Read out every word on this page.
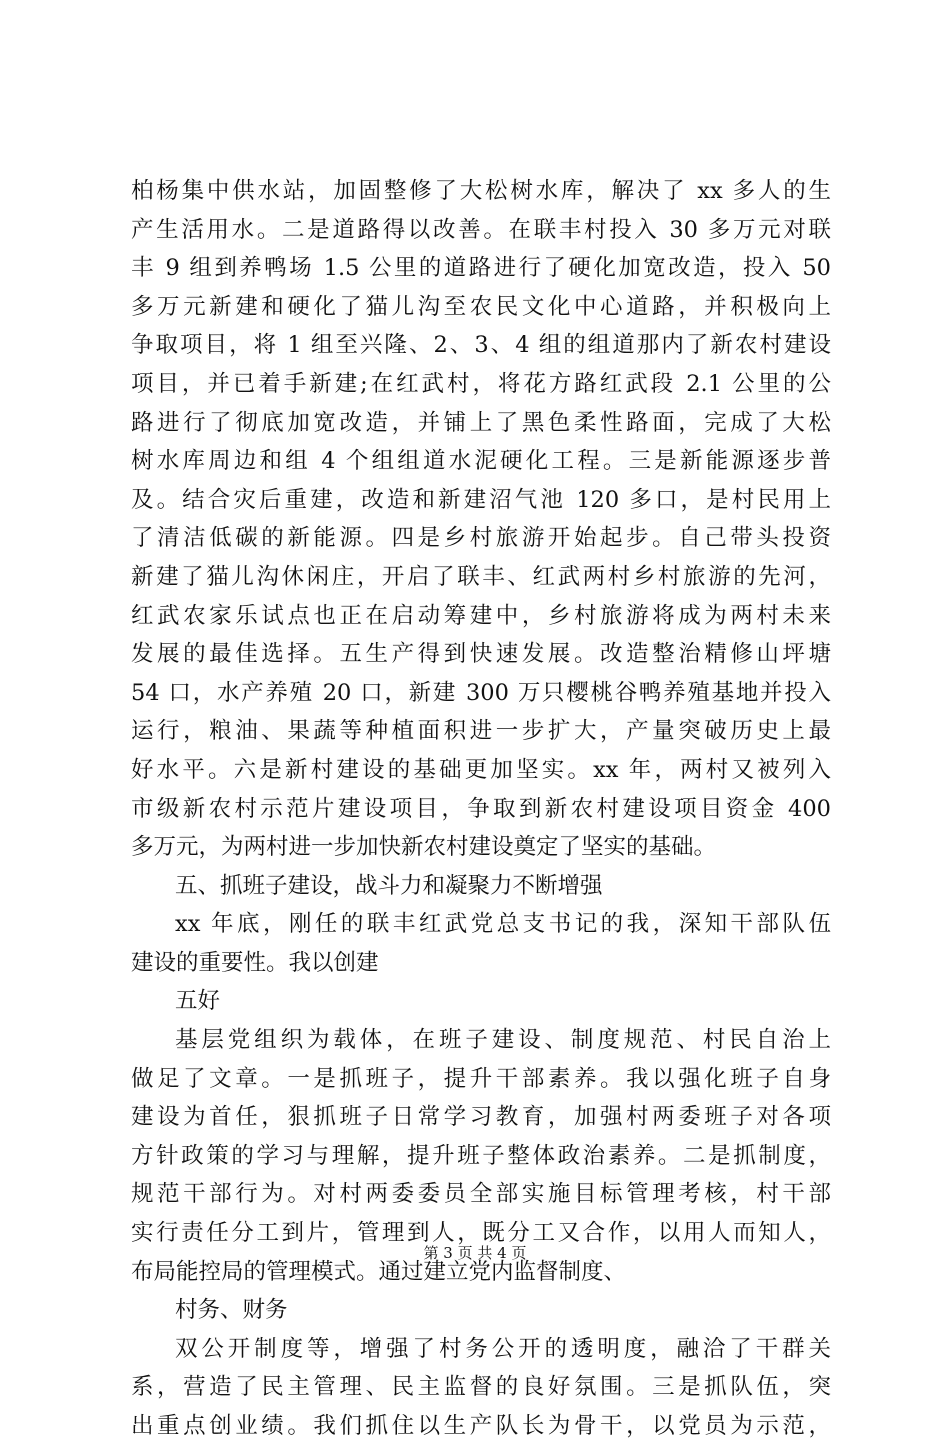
柏杨集中供水站，加固整修了大松树水库，解决了 xx 多人的生
产生活用水。二是道路得以改善。在联丰村投入 30 多万元对联
丰 9 组到养鸭场 1.5 公里的道路进行了硬化加宽改造，投入 50
多万元新建和硬化了猫儿沟至农民文化中心道路，并积极向上
争取项目，将 1 组至兴隆、2、3、4 组的组道那内了新农村建设
项目，并已着手新建;在红武村，将花方路红武段 2.1 公里的公
路进行了彻底加宽改造，并铺上了黑色柔性路面，完成了大松
树水库周边和组 4 个组组道水泥硬化工程。三是新能源逐步普
及。结合灾后重建，改造和新建沼气池 120 多口，是村民用上
了清洁低碳的新能源。四是乡村旅游开始起步。自己带头投资
新建了猫儿沟休闲庄，开启了联丰、红武两村乡村旅游的先河，
红武农家乐试点也正在启动筹建中，乡村旅游将成为两村未来
发展的最佳选择。五生产得到快速发展。改造整治精修山坪塘
54 口，水产养殖 20 口，新建 300 万只樱桃谷鸭养殖基地并投入
运行，粮油、果蔬等种植面积进一步扩大，产量突破历史上最
好水平。六是新村建设的基础更加坚实。xx 年，两村又被列入
市级新农村示范片建设项目，争取到新农村建设项目资金 400
多万元，为两村进一步加快新农村建设奠定了坚实的基础。
五、抓班子建设，战斗力和凝聚力不断增强
xx 年底，刚任的联丰红武党总支书记的我，深知干部队伍
建设的重要性。我以创建
五好
基层党组织为载体，在班子建设、制度规范、村民自治上
做足了文章。一是抓班子，提升干部素养。我以强化班子自身
建设为首任，狠抓班子日常学习教育，加强村两委班子对各项
方针政策的学习与理解，提升班子整体政治素养。二是抓制度，
规范干部行为。对村两委委员全部实施目标管理考核，村干部
实行责任分工到片，管理到人，既分工又合作，以用人而知人，
布局能控局的管理模式。通过建立党内监督制度、
村务、财务
双公开制度等，增强了村务公开的透明度，融洽了干群关
系，营造了民主管理、民主监督的良好氛围。三是抓队伍，突
出重点创业绩。我们抓住以生产队长为骨干，以党员为示范，
第 3 页 共 4 页
